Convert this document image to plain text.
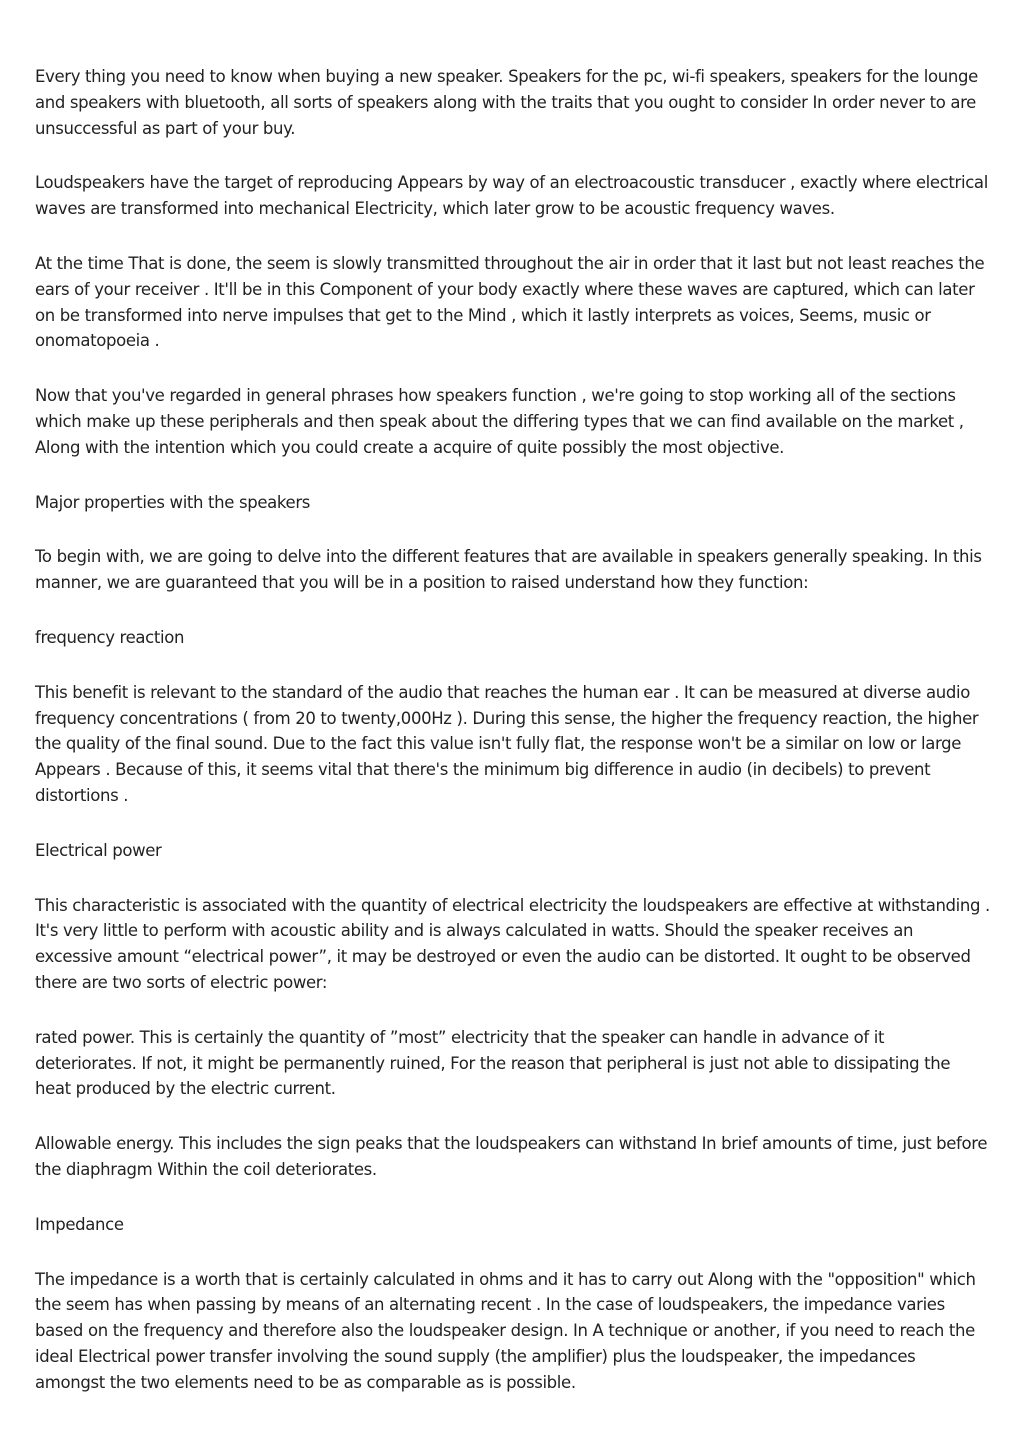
Every thing you need to know when buying a new speaker. Speakers for the pc, wi-fi speakers, speakers for the lounge and speakers with bluetooth, all sorts of speakers along with the traits that you ought to consider In order never to are unsuccessful as part of your buy.

Loudspeakers have the target of reproducing Appears by way of an electroacoustic transducer , exactly where electrical waves are transformed into mechanical Electricity, which later grow to be acoustic frequency waves.

At the time That is done, the seem is slowly transmitted throughout the air in order that it last but not least reaches the ears of your receiver . It'll be in this Component of your body exactly where these waves are captured, which can later on be transformed into nerve impulses that get to the Mind , which it lastly interprets as voices, Seems, music or onomatopoeia .

Now that you've regarded in general phrases how speakers function , we're going to stop working all of the sections which make up these peripherals and then speak about the differing types that we can find available on the market , Along with the intention which you could create a acquire of quite possibly the most objective.

Major properties with the speakers

To begin with, we are going to delve into the different features that are available in speakers generally speaking. In this manner, we are guaranteed that you will be in a position to raised understand how they function:

frequency reaction

This benefit is relevant to the standard of the audio that reaches the human ear . It can be measured at diverse audio frequency concentrations ( from 20 to twenty,000Hz ). During this sense, the higher the frequency reaction, the higher the quality of the final sound. Due to the fact this value isn't fully flat, the response won't be a similar on low or large Appears . Because of this, it seems vital that there's the minimum big difference in audio (in decibels) to prevent distortions .

Electrical power

This characteristic is associated with the quantity of electrical electricity the loudspeakers are effective at withstanding . It's very little to perform with acoustic ability and is always calculated in watts. Should the speaker receives an excessive amount “electrical power”, it may be destroyed or even the audio can be distorted. It ought to be observed there are two sorts of electric power:

rated power. This is certainly the quantity of ”most” electricity that the speaker can handle in advance of it deteriorates. If not, it might be permanently ruined, For the reason that peripheral is just not able to dissipating the heat produced by the electric current.

Allowable energy. This includes the sign peaks that the loudspeakers can withstand In brief amounts of time, just before the diaphragm Within the coil deteriorates.

Impedance

The impedance is a worth that is certainly calculated in ohms and it has to carry out Along with the "opposition" which the seem has when passing by means of an alternating recent . In the case of loudspeakers, the impedance varies based on the frequency and therefore also the loudspeaker design. In A technique or another, if you need to reach the ideal Electrical power transfer involving the sound supply (the amplifier) plus the loudspeaker, the impedances amongst the two elements need to be as comparable as is possible.
